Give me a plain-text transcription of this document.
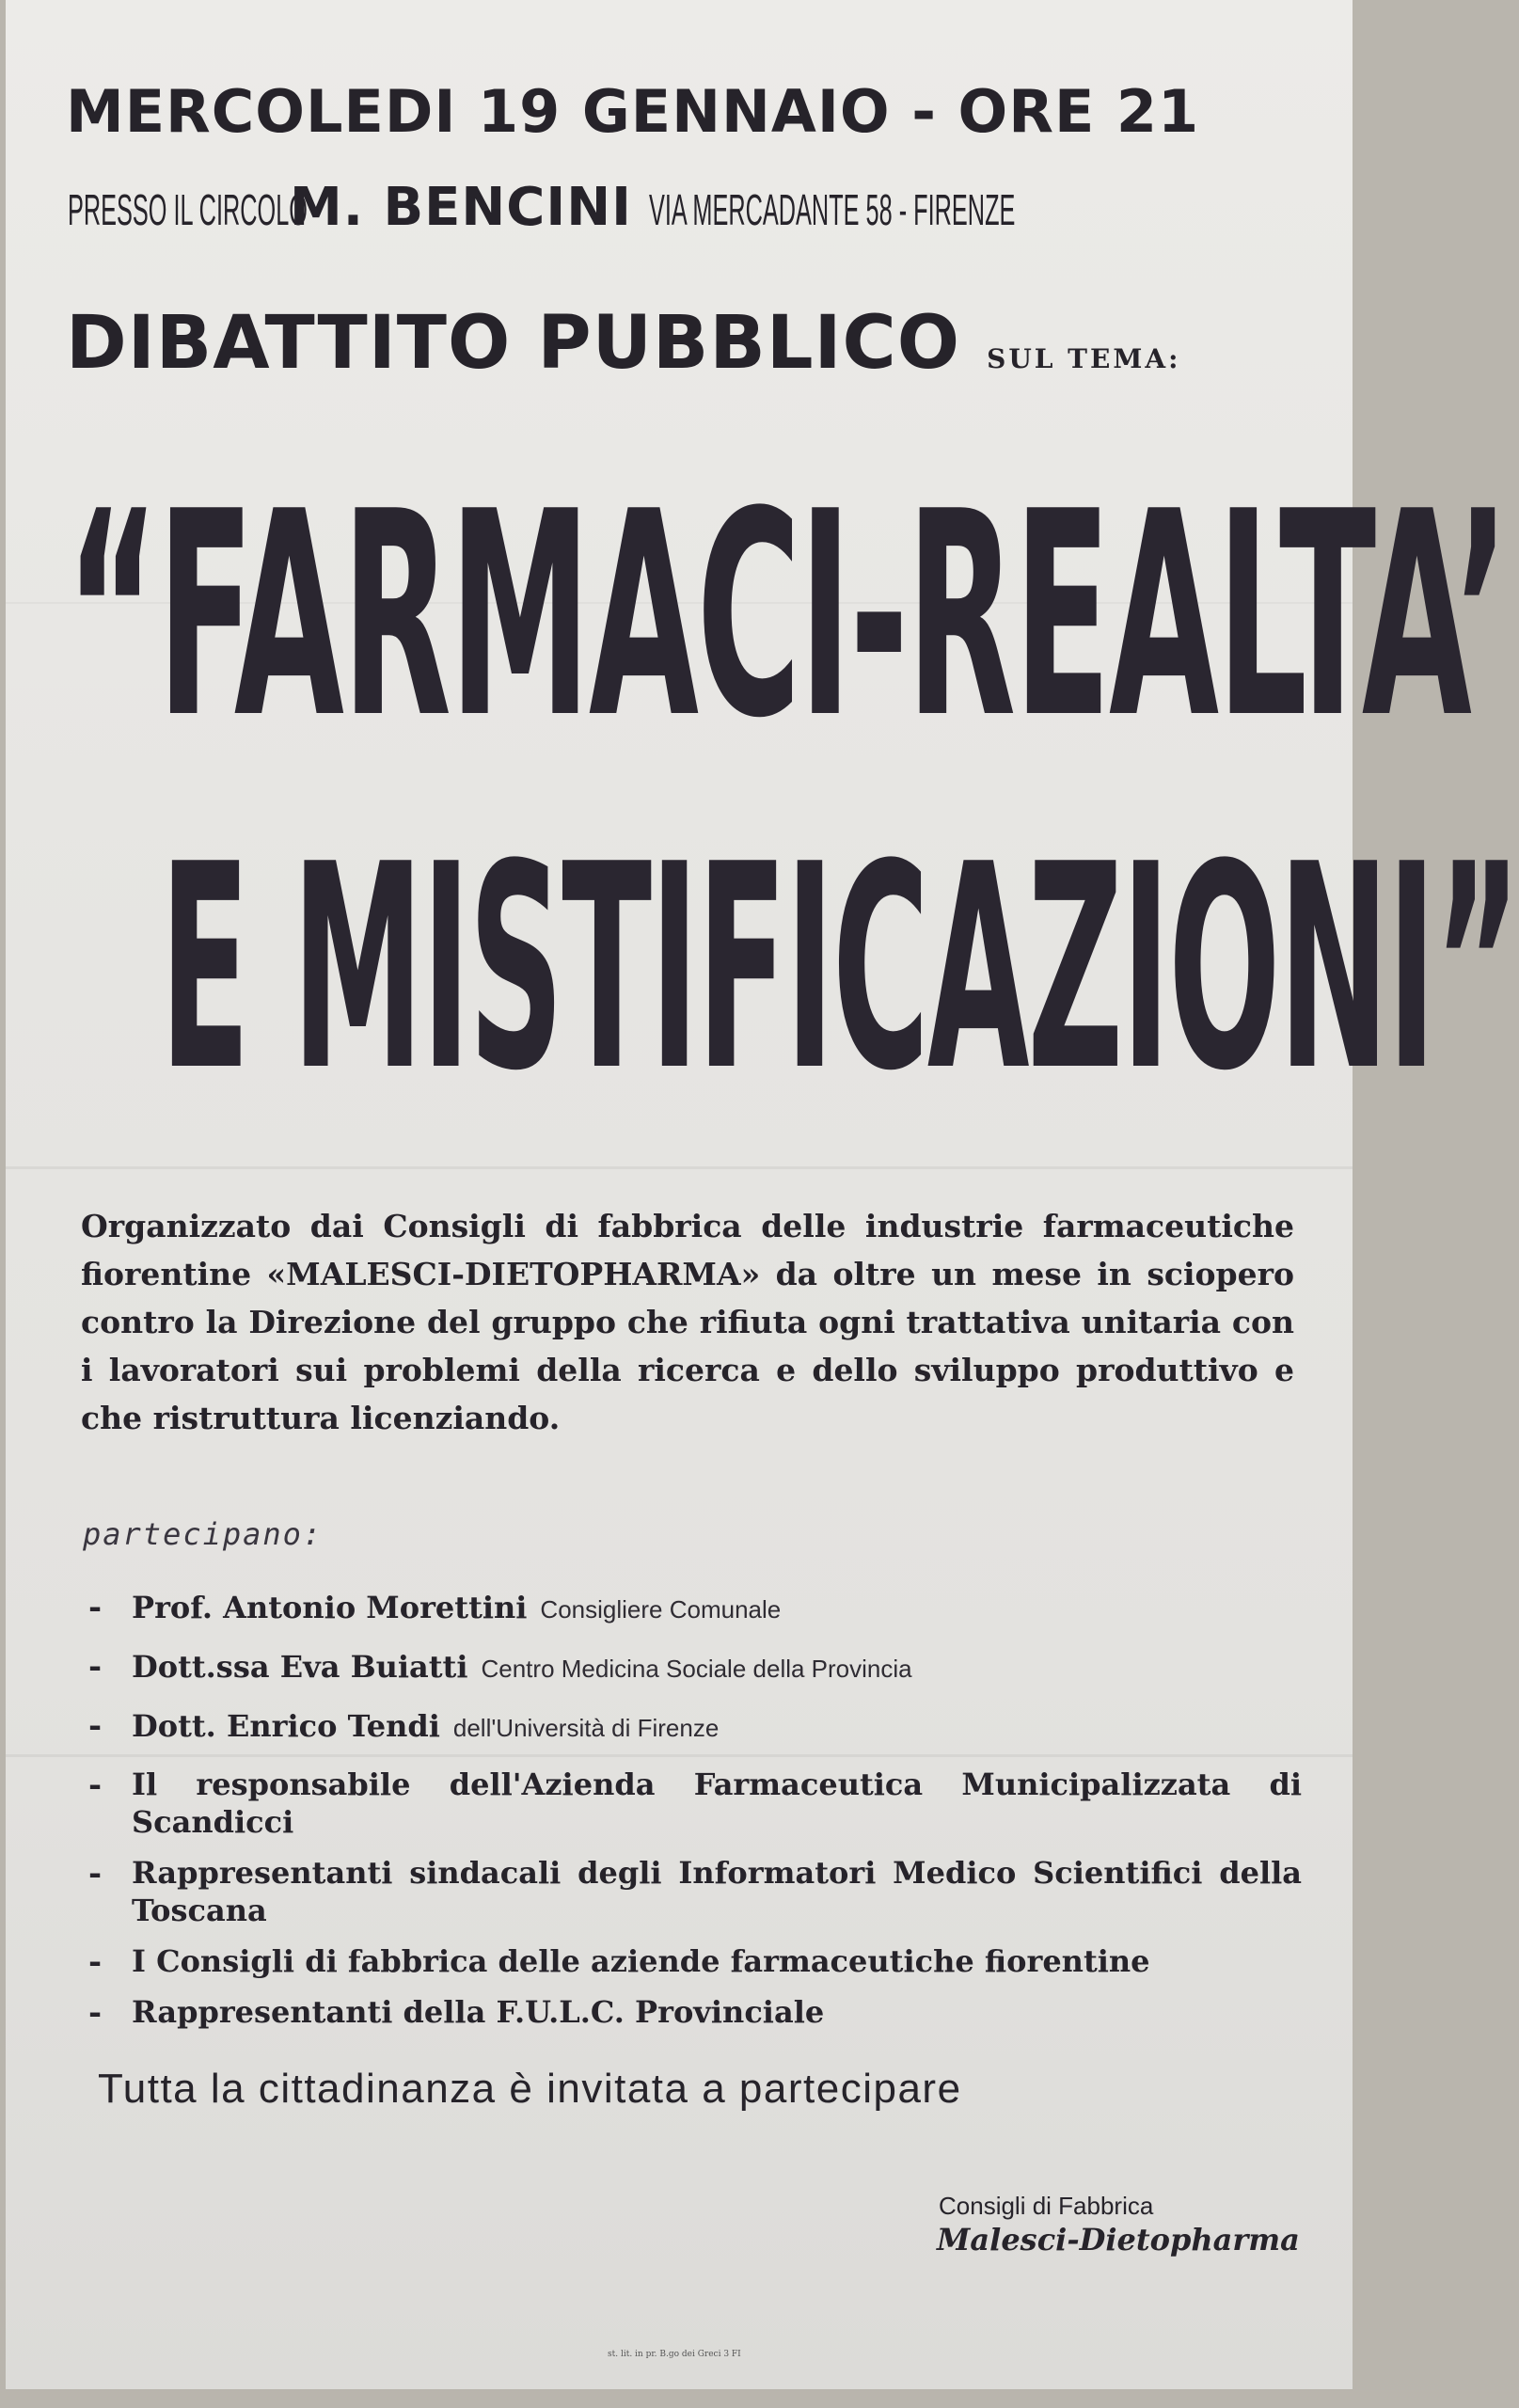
MERCOLEDI 19 GENNAIO - ORE 21
PRESSO IL CIRCOLO
M. BENCINI VIA MERCADANTE 58 - FIRENZE
DIBATTITO PUBBLICO SUL TEMA:
“FARMACI-REALTA’
E MISTIFICAZIONI”
Organizzato dai Consigli di fabbrica delle industrie farmaceutiche fiorentine «MALESCI-DIETOPHARMA» da oltre un mese in sciopero contro la Direzione del gruppo che rifiuta ogni trattativa unitaria con i lavoratori sui problemi della ricerca e dello sviluppo produttivo e che ristruttura licenziando.
partecipano:
- Prof. Antonio Morettini Consigliere Comunale
- Dott.ssa Eva Buiatti Centro Medicina Sociale della Provincia
- Dott. Enrico Tendi dell'Università di Firenze
- Il responsabile dell'Azienda Farmaceutica Municipalizzata di Scandicci
- Rappresentanti sindacali degli Informatori Medico Scientifici della Toscana
- I Consigli di fabbrica delle aziende farmaceutiche fiorentine
- Rappresentanti della F.U.L.C. Provinciale
Tutta la cittadinanza è invitata a partecipare
Consigli di Fabbrica
Malesci-Dietopharma
st. lit. in pr. B.go dei Greci 3 FI
